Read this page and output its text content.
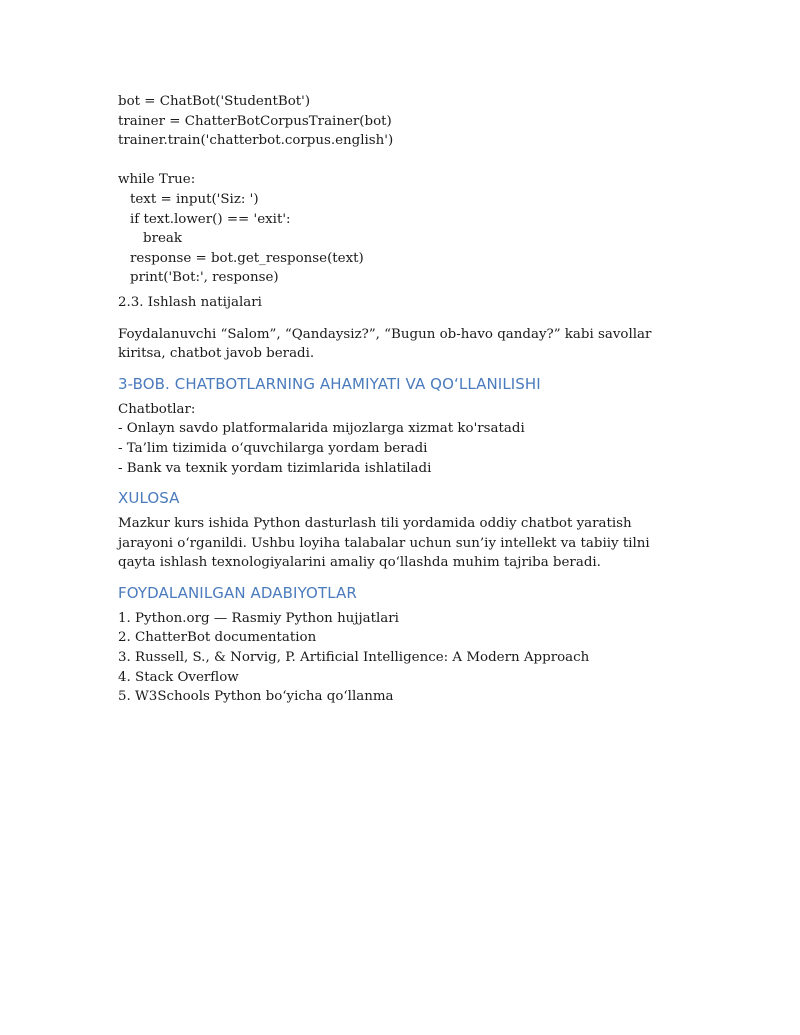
bot = ChatBot('StudentBot')

trainer = ChatterBotCorpusTrainer(bot)

trainer.train('chatterbot.corpus.english')

while True:

text = input('Siz: ')

if text.lower() == 'exit':

break

response = bot.get_response(text)

print('Bot:', response)

2.3. Ishlash natijalari

Foydalanuvchi “Salom”, “Qandaysiz?”, “Bugun ob-havo qanday?” kabi savollar kiritsa, chatbot javob beradi.

3-BOB. CHATBOTLARNING AHAMIYATI VA QO‘LLANILISHI

Chatbotlar:

- Onlayn savdo platformalarida mijozlarga xizmat ko'rsatadi

- Ta’lim tizimida o‘quvchilarga yordam beradi

- Bank va texnik yordam tizimlarida ishlatiladi

XULOSA

Mazkur kurs ishida Python dasturlash tili yordamida oddiy chatbot yaratish jarayoni o‘rganildi. Ushbu loyiha talabalar uchun sun’iy intellekt va tabiiy tilni qayta ishlash texnologiyalarini amaliy qo‘llashda muhim tajriba beradi.

FOYDALANILGAN ADABIYOTLAR

1. Python.org — Rasmiy Python hujjatlari

2. ChatterBot documentation

3. Russell, S., & Norvig, P. Artificial Intelligence: A Modern Approach

4. Stack Overflow

5. W3Schools Python bo‘yicha qo‘llanma
